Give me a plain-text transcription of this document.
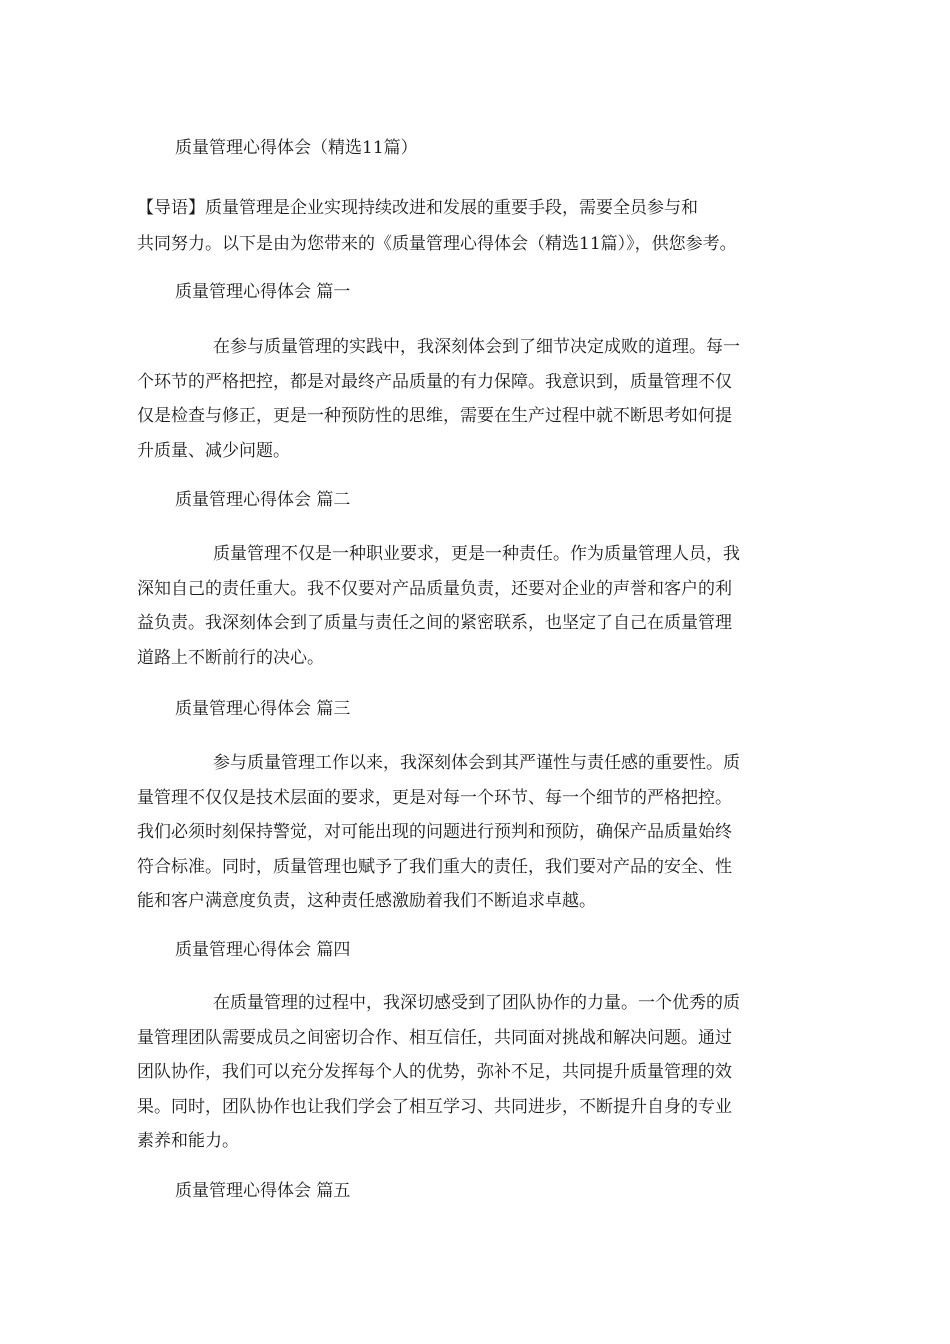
质量管理心得体会（精选11篇）
【导语】质量管理是企业实现持续改进和发展的重要手段，需要全员参与和
共同努力。以下是由为您带来的《质量管理心得体会（精选11篇）》，供您参考。
质量管理心得体会 篇一
在参与质量管理的实践中，我深刻体会到了细节决定成败的道理。每一
个环节的严格把控，都是对最终产品质量的有力保障。我意识到，质量管理不仅
仅是检查与修正，更是一种预防性的思维，需要在生产过程中就不断思考如何提
升质量、减少问题。
质量管理心得体会 篇二
质量管理不仅是一种职业要求，更是一种责任。作为质量管理人员，我
深知自己的责任重大。我不仅要对产品质量负责，还要对企业的声誉和客户的利
益负责。我深刻体会到了质量与责任之间的紧密联系，也坚定了自己在质量管理
道路上不断前行的决心。
质量管理心得体会 篇三
参与质量管理工作以来，我深刻体会到其严谨性与责任感的重要性。质
量管理不仅仅是技术层面的要求，更是对每一个环节、每一个细节的严格把控。
我们必须时刻保持警觉，对可能出现的问题进行预判和预防，确保产品质量始终
符合标准。同时，质量管理也赋予了我们重大的责任，我们要对产品的安全、性
能和客户满意度负责，这种责任感激励着我们不断追求卓越。
质量管理心得体会 篇四
在质量管理的过程中，我深切感受到了团队协作的力量。一个优秀的质
量管理团队需要成员之间密切合作、相互信任，共同面对挑战和解决问题。通过
团队协作，我们可以充分发挥每个人的优势，弥补不足，共同提升质量管理的效
果。同时，团队协作也让我们学会了相互学习、共同进步，不断提升自身的专业
素养和能力。
质量管理心得体会 篇五
